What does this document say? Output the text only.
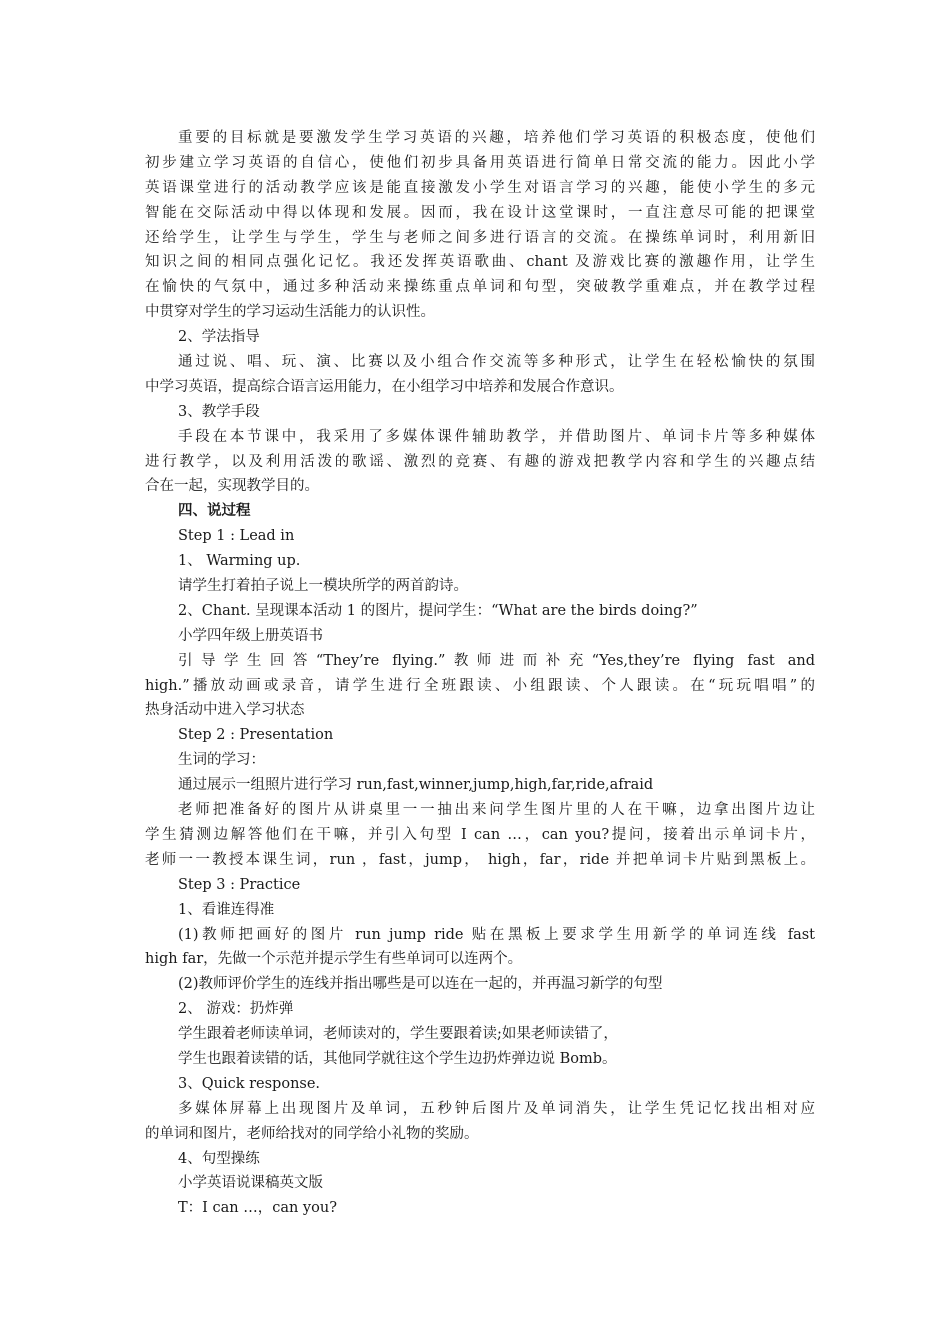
重要的目标就是要激发学生学习英语的兴趣，培养他们学习英语的积极态度，使他们
初步建立学习英语的自信心，使他们初步具备用英语进行简单日常交流的能力。因此小学
英语课堂进行的活动教学应该是能直接激发小学生对语言学习的兴趣，能使小学生的多元
智能在交际活动中得以体现和发展。因而，我在设计这堂课时，一直注意尽可能的把课堂
还给学生，让学生与学生，学生与老师之间多进行语言的交流。在操练单词时，利用新旧
知识之间的相同点强化记忆。我还发挥英语歌曲、chant 及游戏比赛的激趣作用，让学生
在愉快的气氛中，通过多种活动来操练重点单词和句型，突破教学重难点，并在教学过程
中贯穿对学生的学习运动生活能力的认识性。
2、学法指导
通过说、唱、玩、演、比赛以及小组合作交流等多种形式，让学生在轻松愉快的氛围
中学习英语，提高综合语言运用能力，在小组学习中培养和发展合作意识。
3、教学手段
手段在本节课中，我采用了多媒体课件辅助教学，并借助图片、单词卡片等多种媒体
进行教学，以及利用活泼的歌谣、激烈的竞赛、有趣的游戏把教学内容和学生的兴趣点结
合在一起，实现教学目的。
四、说过程
Step 1 : Lead in
1、 Warming up.
请学生打着拍子说上一模块所学的两首韵诗。
2、Chant. 呈现课本活动 1 的图片，提问学生：“What are the birds doing?”
小学四年级上册英语书
引导学生回答“They’re flying.”教师进而补充“Yes,they’re flying fast and
high.”播放动画或录音，请学生进行全班跟读、小组跟读、个人跟读。在“玩玩唱唱”的
热身活动中进入学习状态
Step 2 : Presentation
生词的学习：
通过展示一组照片进行学习 run,fast,winner,jump,high,far,ride,afraid
老师把准备好的图片从讲桌里一一抽出来问学生图片里的人在干嘛，边拿出图片边让
学生猜测边解答他们在干嘛，并引入句型 I can …，can you?提问，接着出示单词卡片，
老师一一教授本课生词，run ，fast，jump， high，far，ride 并把单词卡片贴到黑板上。
Step 3 : Practice
1、看谁连得准
(1)教师把画好的图片 run jump ride 贴在黑板上要求学生用新学的单词连线 fast
high far，先做一个示范并提示学生有些单词可以连两个。
(2)教师评价学生的连线并指出哪些是可以连在一起的，并再温习新学的句型
2、 游戏：扔炸弹
学生跟着老师读单词，老师读对的，学生要跟着读;如果老师读错了，
学生也跟着读错的话，其他同学就往这个学生边扔炸弹边说 Bomb。
3、Quick response.
多媒体屏幕上出现图片及单词，五秒钟后图片及单词消失，让学生凭记忆找出相对应
的单词和图片，老师给找对的同学给小礼物的奖励。
4、句型操练
小学英语说课稿英文版
T：I can …，can you?
